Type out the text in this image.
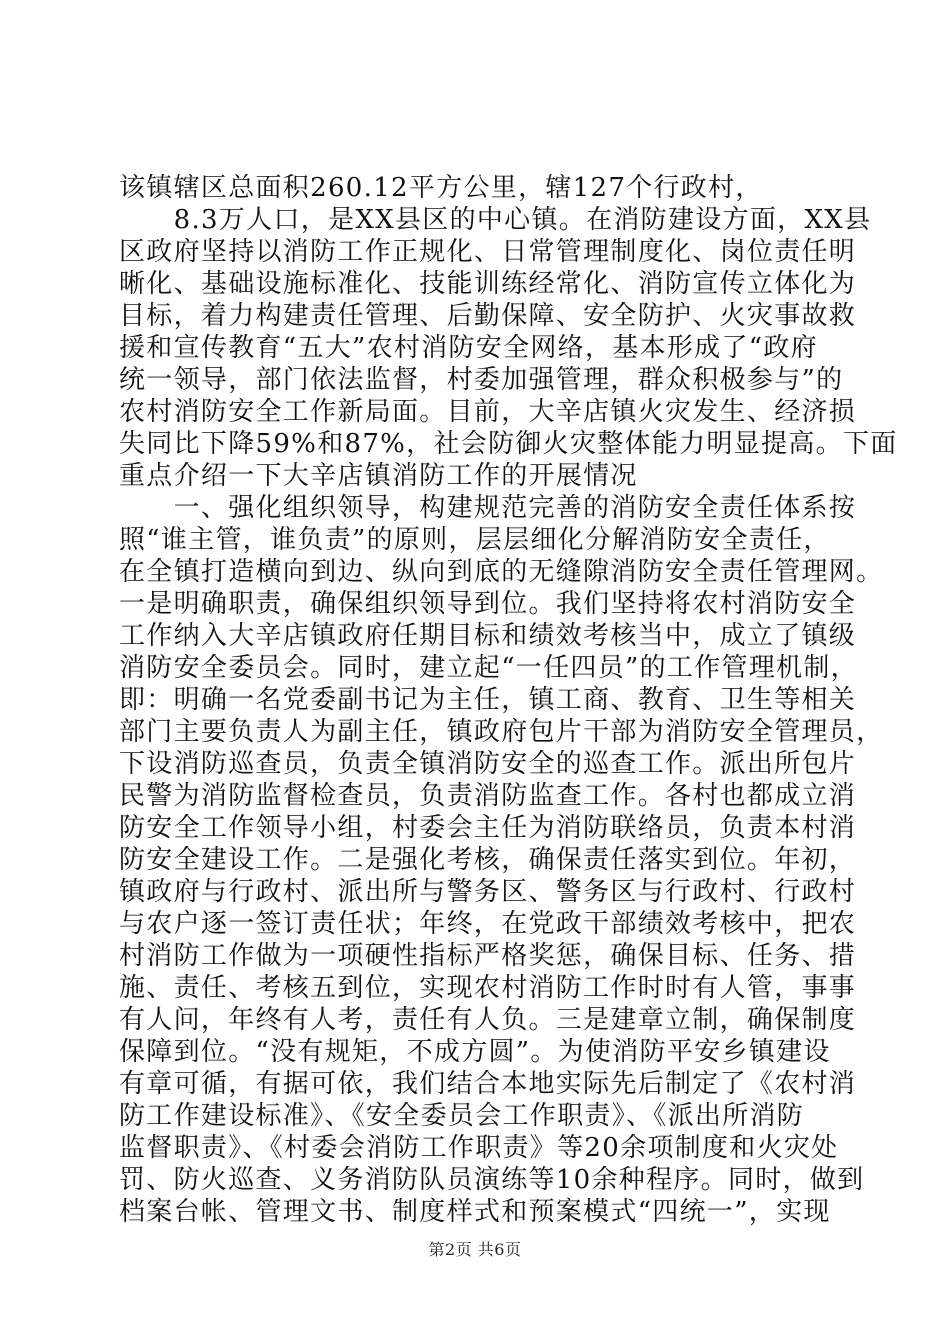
该镇辖区总面积260.12平方公里，辖127个行政村，
　　8.3万人口，是XX县区的中心镇。在消防建设方面，XX县
区政府坚持以消防工作正规化、日常管理制度化、岗位责任明
晰化、基础设施标准化、技能训练经常化、消防宣传立体化为
目标，着力构建责任管理、后勤保障、安全防护、火灾事故救
援和宣传教育“五大”农村消防安全网络，基本形成了“政府
统一领导，部门依法监督，村委加强管理，群众积极参与”的
农村消防安全工作新局面。目前，大辛店镇火灾发生、经济损
失同比下降59%和87%，社会防御火灾整体能力明显提高。下面
重点介绍一下大辛店镇消防工作的开展情况
　　一、强化组织领导，构建规范完善的消防安全责任体系按
照“谁主管，谁负责”的原则，层层细化分解消防安全责任，
在全镇打造横向到边、纵向到底的无缝隙消防安全责任管理网。
一是明确职责，确保组织领导到位。我们坚持将农村消防安全
工作纳入大辛店镇政府任期目标和绩效考核当中，成立了镇级
消防安全委员会。同时，建立起“一任四员”的工作管理机制，
即：明确一名党委副书记为主任，镇工商、教育、卫生等相关
部门主要负责人为副主任，镇政府包片干部为消防安全管理员，
下设消防巡查员，负责全镇消防安全的巡查工作。派出所包片
民警为消防监督检查员，负责消防监查工作。各村也都成立消
防安全工作领导小组，村委会主任为消防联络员，负责本村消
防安全建设工作。二是强化考核，确保责任落实到位。年初，
镇政府与行政村、派出所与警务区、警务区与行政村、行政村
与农户逐一签订责任状；年终，在党政干部绩效考核中，把农
村消防工作做为一项硬性指标严格奖惩，确保目标、任务、措
施、责任、考核五到位，实现农村消防工作时时有人管，事事
有人问，年终有人考，责任有人负。三是建章立制，确保制度
保障到位。“没有规矩，不成方圆”。为使消防平安乡镇建设
有章可循，有据可依，我们结合本地实际先后制定了《农村消
防工作建设标准》、《安全委员会工作职责》、《派出所消防
监督职责》、《村委会消防工作职责》等20余项制度和火灾处
罚、防火巡查、义务消防队员演练等10余种程序。同时，做到
档案台帐、管理文书、制度样式和预案模式“四统一”，实现
第2页 共6页
